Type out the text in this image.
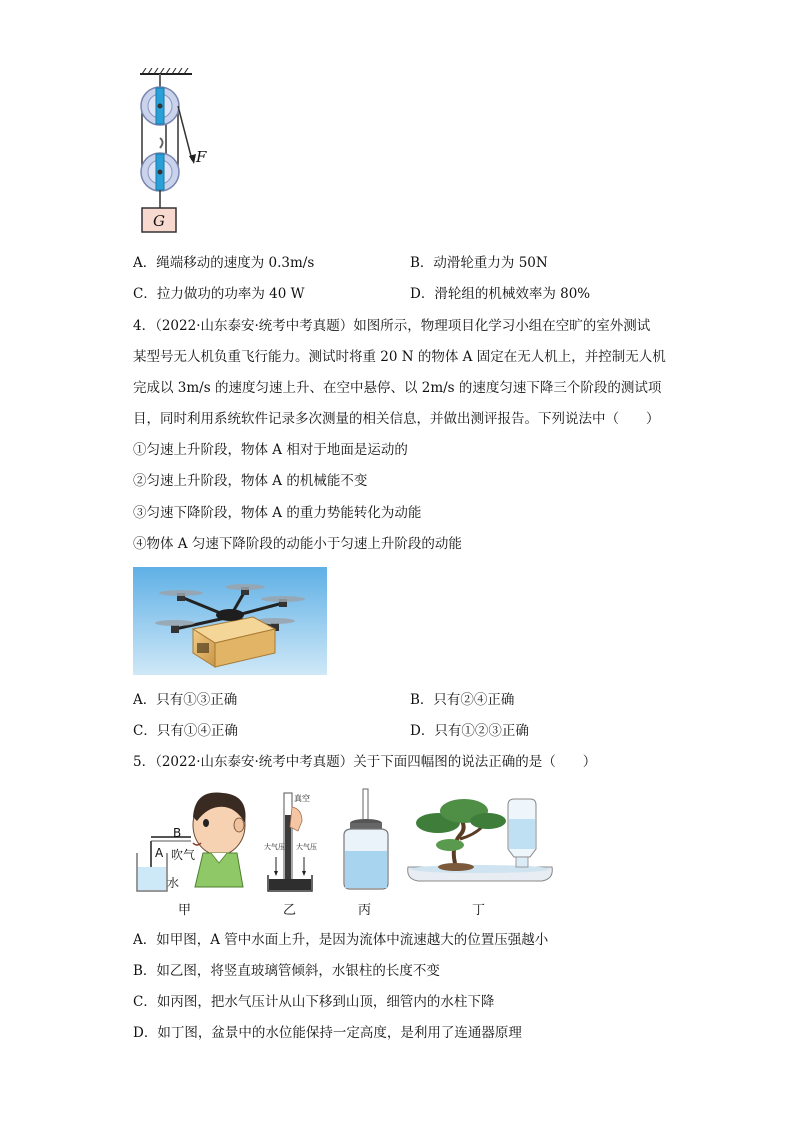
F
G
A．绳端移动的速度为 0.3m/s	B．动滑轮重力为 50N
C．拉力做功的功率为 40 W	D．滑轮组的机械效率为 80%
4．（2022·山东泰安·统考中考真题）如图所示，物理项目化学习小组在空旷的室外测试
某型号无人机负重飞行能力。测试时将重 20 N 的物体 A 固定在无人机上，并控制无人机
完成以 3m/s 的速度匀速上升、在空中悬停、以 2m/s 的速度匀速下降三个阶段的测试项
目，同时利用系统软件记录多次测量的相关信息，并做出测评报告。下列说法中（　　）
①匀速上升阶段，物体 A 相对于地面是运动的
②匀速上升阶段，物体 A 的机械能不变
③匀速下降阶段，物体 A 的重力势能转化为动能
④物体 A 匀速下降阶段的动能小于匀速上升阶段的动能
A．只有①③正确	B．只有②④正确
C．只有①④正确	D．只有①②③正确
5．（2022·山东泰安·统考中考真题）关于下面四幅图的说法正确的是（　　）
B
A 吹气
水
真空
大气压 大气压
甲	乙	丙	丁
A．如甲图，A 管中水面上升，是因为流体中流速越大的位置压强越小
B．如乙图，将竖直玻璃管倾斜，水银柱的长度不变
C．如丙图，把水气压计从山下移到山顶，细管内的水柱下降
D．如丁图，盆景中的水位能保持一定高度，是利用了连通器原理
